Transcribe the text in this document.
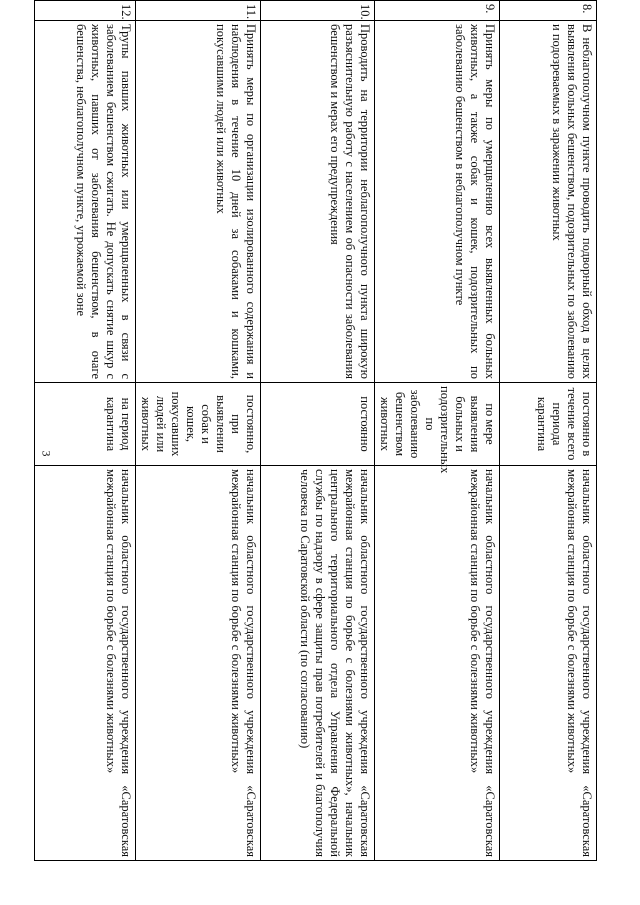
3
8.	В неблагополучном пункте проводить подворный обход в целях выявления больных бешенством, подозрительных по заболеванию и подозреваемых в заражении животных	постоянно в течение всего периода карантина	начальник областного государственного учреждения «Саратовская межрайонная станция по борьбе с болезнями животных»
9.	Принять меры по умерщвлению всех выявленных больных животных, а также собак и кошек, подозрительных по заболеванию бешенством в неблагополучном пункте	по мере выявления больных и подозрительных по заболеванию бешенством животных	начальник областного государственного учреждения «Саратовская межрайонная станция по борьбе с болезнями животных»
10.	Проводить на территории неблагополучного пункта широкую разъяснительную работу с населением об опасности заболевания бешенством и мерах его предупреждения	постоянно	начальник областного государственного учреждения «Саратовская межрайонная станция по борьбе с болезнями животных», начальник центрального территориального отдела Управления Федеральной службы по надзору в сфере защиты прав потребителей и благополучия человека по Саратовской области (по согласованию)
11.	Принять меры по организации изолированного содержания и наблюдения в течение 10 дней за собаками и кошками, покусавшими людей или животных	постоянно, при выявлении собак и кошек, покусавших людей или животных	начальник областного государственного учреждения «Саратовская межрайонная станция по борьбе с болезнями животных»
12.	Трупы павших животных или умерщвленных в связи с заболеванием бешенством сжигать. Не допускать снятие шкур с животных, павших от заболевания бешенством, в очаге бешенства, неблагополучном пункте, угрожаемой зоне	на период карантина	начальник областного государственного учреждения «Саратовская межрайонная станция по борьбе с болезнями животных»
